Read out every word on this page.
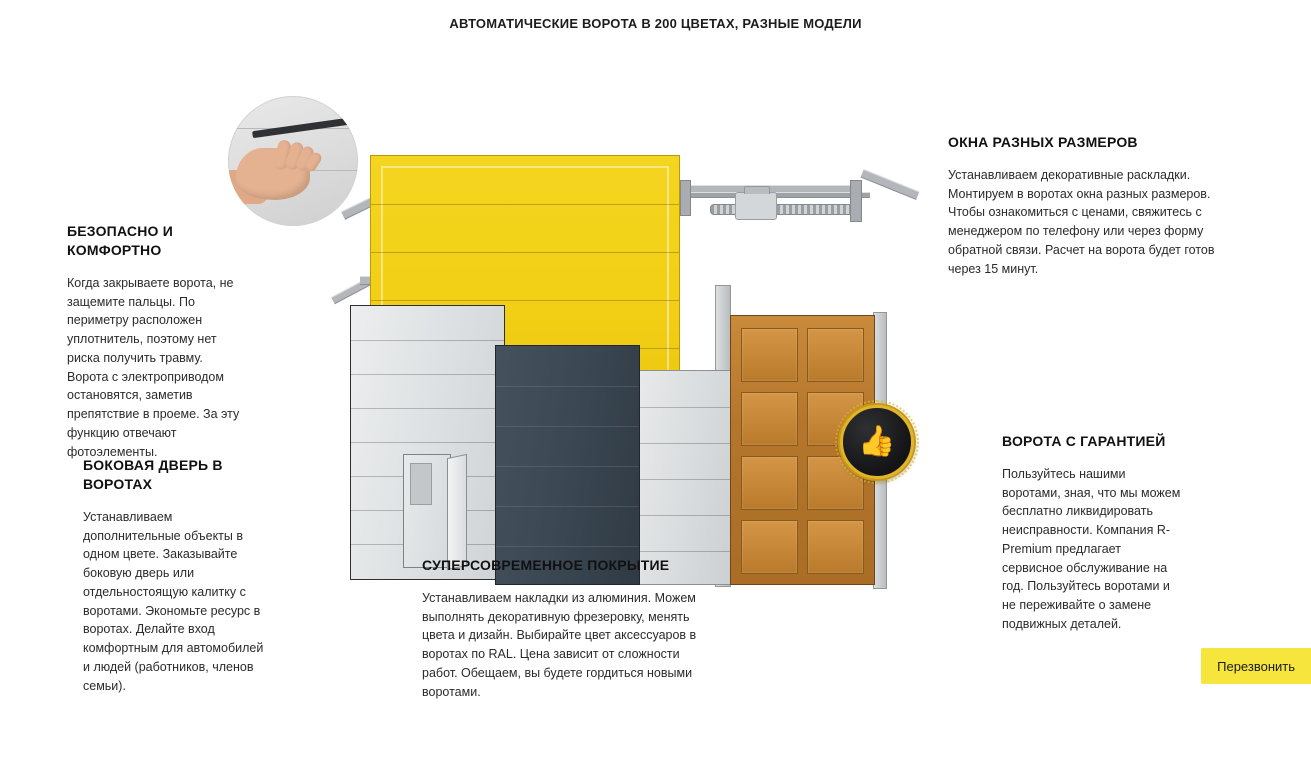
АВТОМАТИЧЕСКИЕ ВОРОТА В 200 ЦВЕТАХ, РАЗНЫЕ МОДЕЛИ
👍
БЕЗОПАСНО И КОМФОРТНО

Когда закрываете ворота, не защемите пальцы. По периметру расположен уплотнитель, поэтому нет риска получить травму. Ворота с электроприводом остановятся, заметив препятствие в проеме. За эту функцию отвечают фотоэлементы.

БОКОВАЯ ДВЕРЬ В ВОРОТАХ

Устанавливаем дополнительные объекты в одном цвете. Заказывайте боковую дверь или отдельностоящую калитку с воротами. Экономьте ресурс в воротах. Делайте вход комфортным для автомобилей и людей (работников, членов семьи).

СУПЕРСОВРЕМЕННОЕ ПОКРЫТИЕ

Устанавливаем накладки из алюминия. Можем выполнять декоративную фрезеровку, менять цвета и дизайн. Выбирайте цвет аксессуаров в воротах по RAL. Цена зависит от сложности работ. Обещаем, вы будете гордиться новыми воротами.

ОКНА РАЗНЫХ РАЗМЕРОВ

Устанавливаем декоративные раскладки. Монтируем в воротах окна разных размеров. Чтобы ознакомиться с ценами, свяжитесь с менеджером по телефону или через форму обратной связи. Расчет на ворота будет готов через 15 минут.

ВОРОТА С ГАРАНТИЕЙ

Пользуйтесь нашими воротами, зная, что мы можем бесплатно ликвидировать неисправности. Компания R-Premium предлагает сервисное обслуживание на год. Пользуйтесь воротами и не переживайте о замене подвижных деталей.

Перезвонить
